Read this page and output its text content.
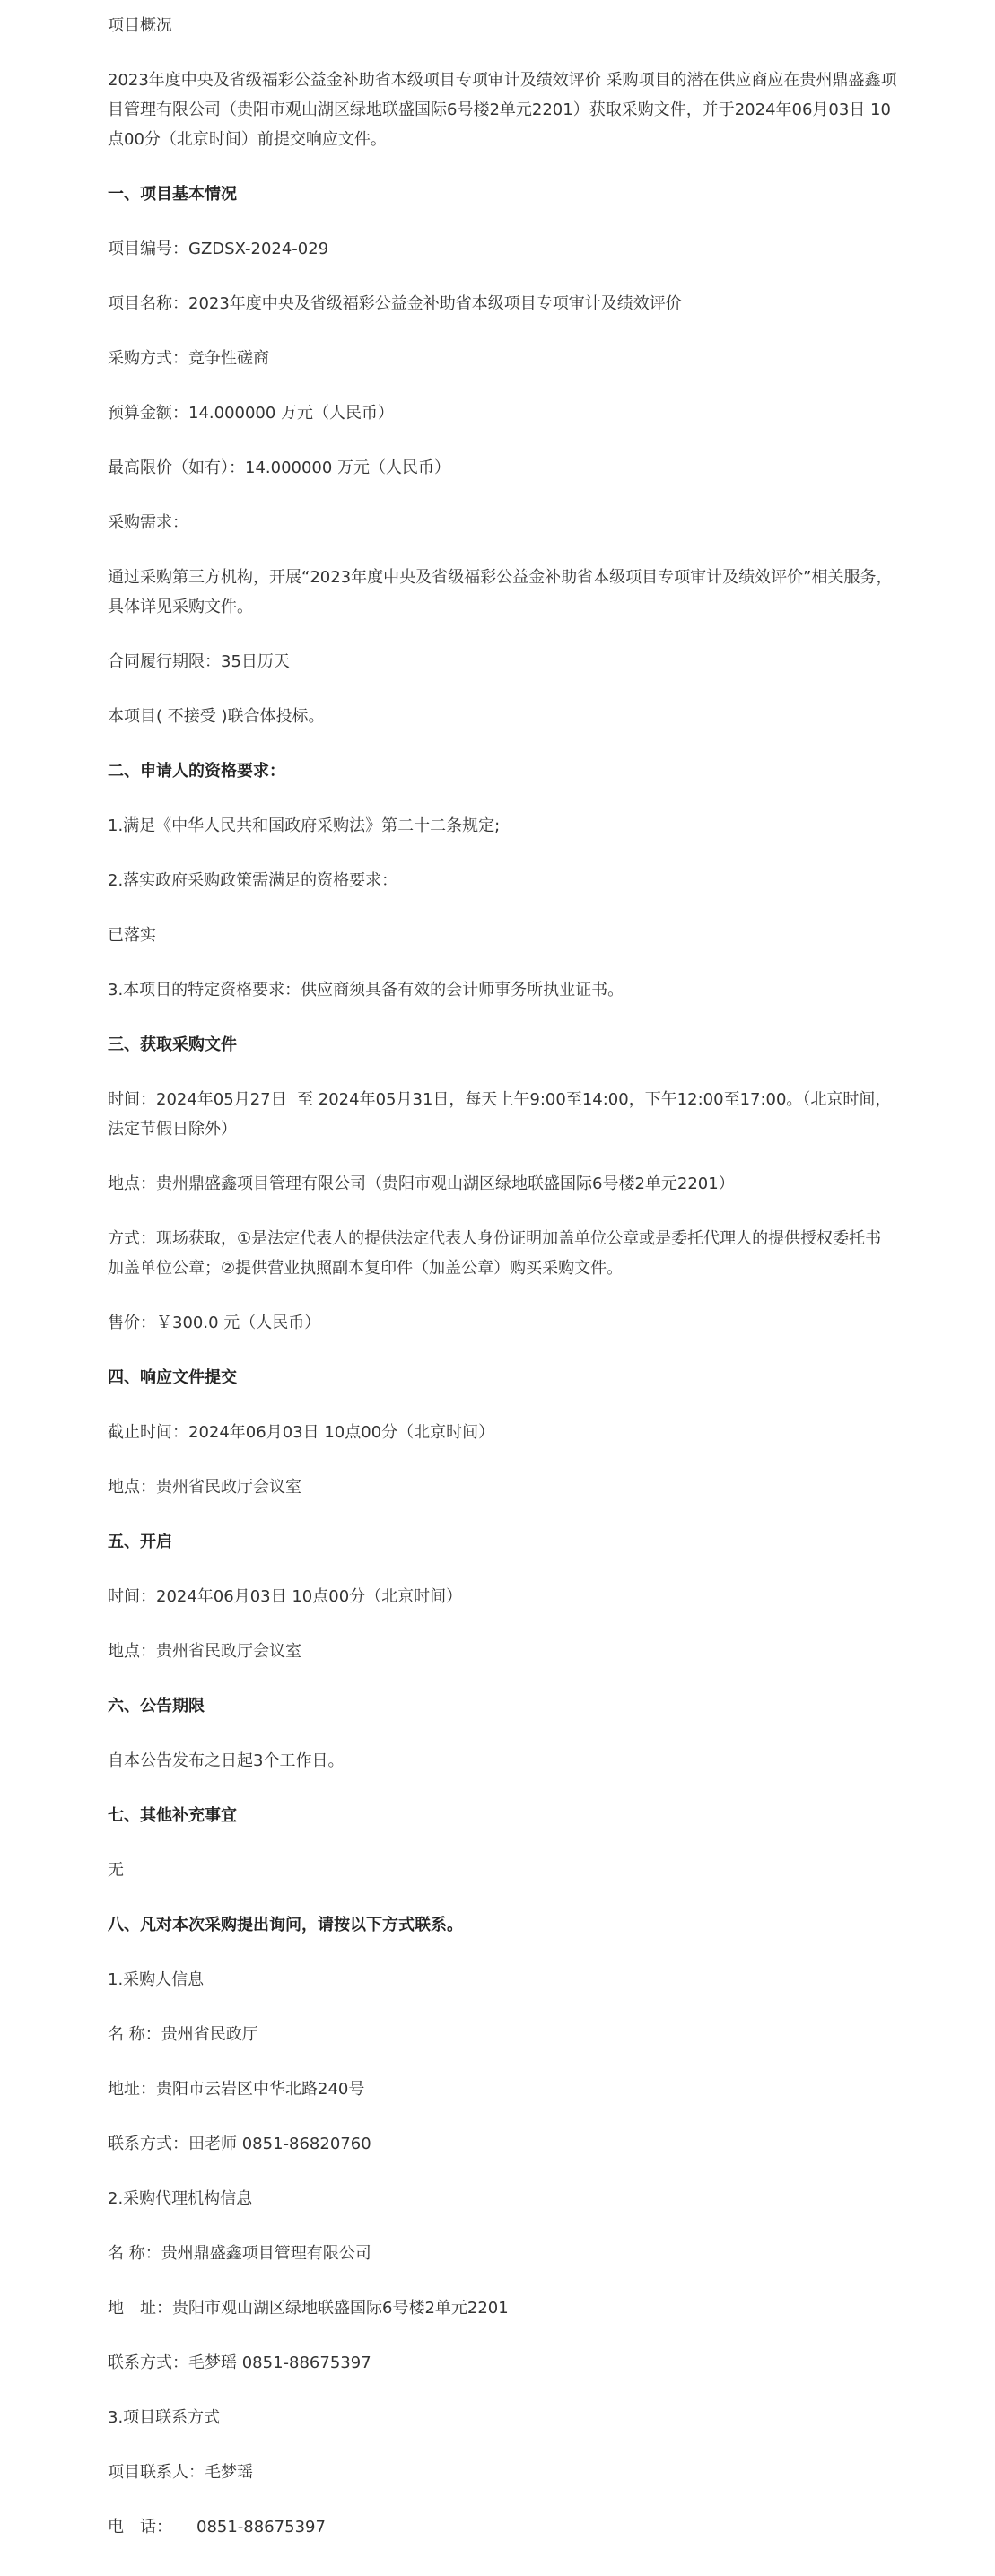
项目概况

2023年度中央及省级福彩公益金补助省本级项目专项审计及绩效评价 采购项目的潜在供应商应在贵州鼎盛鑫项目管理有限公司（贵阳市观山湖区绿地联盛国际6号楼2单元2201）获取采购文件，并于2024年06月03日 10点00分（北京时间）前提交响应文件。

一、项目基本情况

项目编号：GZDSX-2024-029

项目名称：2023年度中央及省级福彩公益金补助省本级项目专项审计及绩效评价

采购方式：竞争性磋商

预算金额：14.000000 万元（人民币）

最高限价（如有）：14.000000 万元（人民币）

采购需求：

通过采购第三方机构，开展“2023年度中央及省级福彩公益金补助省本级项目专项审计及绩效评价”相关服务，具体详见采购文件。

合同履行期限：35日历天

本项目( 不接受 )联合体投标。

二、申请人的资格要求：

1.满足《中华人民共和国政府采购法》第二十二条规定;

2.落实政府采购政策需满足的资格要求：

已落实

3.本项目的特定资格要求：供应商须具备有效的会计师事务所执业证书。

三、获取采购文件

时间：2024年05月27日  至 2024年05月31日，每天上午9:00至14:00，下午12:00至17:00。（北京时间，法定节假日除外）

地点：贵州鼎盛鑫项目管理有限公司（贵阳市观山湖区绿地联盛国际6号楼2单元2201）

方式：现场获取，①是法定代表人的提供法定代表人身份证明加盖单位公章或是委托代理人的提供授权委托书加盖单位公章；②提供营业执照副本复印件（加盖公章）购买采购文件。

售价：￥300.0 元（人民币）

四、响应文件提交

截止时间：2024年06月03日 10点00分（北京时间）

地点：贵州省民政厅会议室

五、开启

时间：2024年06月03日 10点00分（北京时间）

地点：贵州省民政厅会议室

六、公告期限

自本公告发布之日起3个工作日。

七、其他补充事宜

无

八、凡对本次采购提出询问，请按以下方式联系。

1.采购人信息

名 称：贵州省民政厅

地址：贵阳市云岩区中华北路240号

联系方式：田老师 0851-86820760

2.采购代理机构信息

名 称：贵州鼎盛鑫项目管理有限公司

地　址：贵阳市观山湖区绿地联盛国际6号楼2单元2201

联系方式：毛梦瑶 0851-88675397

3.项目联系方式

项目联系人：毛梦瑶

电　话：　　0851-88675397
